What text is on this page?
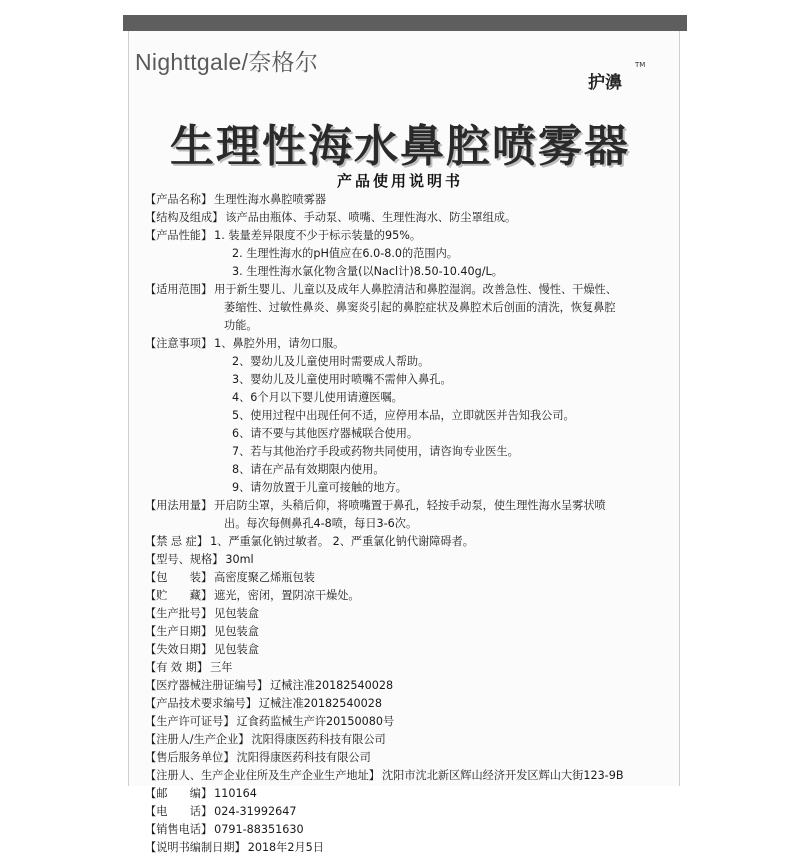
Nighttgale/奈格尔
护濞
TM
生理性海水鼻腔喷雾器
产品使用说明书
【产品名称】 生理性海水鼻腔喷雾器
【结构及组成】 该产品由瓶体、手动泵、喷嘴、生理性海水、防尘罩组成。
【产品性能】 1. 装量差异限度不少于标示装量的95%。
2. 生理性海水的pH值应在6.0-8.0的范围内。
3. 生理性海水氯化物含量(以Nacl计)8.50-10.40g/L。
【适用范围】 用于新生婴儿、儿童以及成年人鼻腔清洁和鼻腔湿润。改善急性、慢性、干燥性、
萎缩性、过敏性鼻炎、鼻窦炎引起的鼻腔症状及鼻腔术后创面的清洗，恢复鼻腔
功能。
【注意事项】 1、鼻腔外用，请勿口服。
2、婴幼儿及儿童使用时需要成人帮助。
3、婴幼儿及儿童使用时喷嘴不需伸入鼻孔。
4、6个月以下婴儿使用请遵医嘱。
5、使用过程中出现任何不适，应停用本品，立即就医并告知我公司。
6、请不要与其他医疗器械联合使用。
7、若与其他治疗手段或药物共同使用，请咨询专业医生。
8、请在产品有效期限内使用。
9、请勿放置于儿童可接触的地方。
【用法用量】 开启防尘罩，头稍后仰，将喷嘴置于鼻孔，轻按手动泵，使生理性海水呈雾状喷
出。每次每侧鼻孔4-8喷，每日3-6次。
【禁 忌 症】 1、严重氯化钠过敏者。 2、严重氯化钠代谢障碍者。
【型号、规格】 30ml
【包　　装】 高密度聚乙烯瓶包装
【贮　　藏】 遮光，密闭，置阴凉干燥处。
【生产批号】 见包装盒
【生产日期】 见包装盒
【失效日期】 见包装盒
【有 效 期】 三年
【医疗器械注册证编号】 辽械注准20182540028
【产品技术要求编号】 辽械注准20182540028
【生产许可证号】 辽食药监械生产许20150080号
【注册人/生产企业】 沈阳得康医药科技有限公司
【售后服务单位】 沈阳得康医药科技有限公司
【注册人、生产企业住所及生产企业生产地址】 沈阳市沈北新区辉山经济开发区辉山大街123-9B
【邮　　编】 110164
【电　　话】 024-31992647
【销售电话】 0791-88351630
【说明书编制日期】 2018年2月5日
